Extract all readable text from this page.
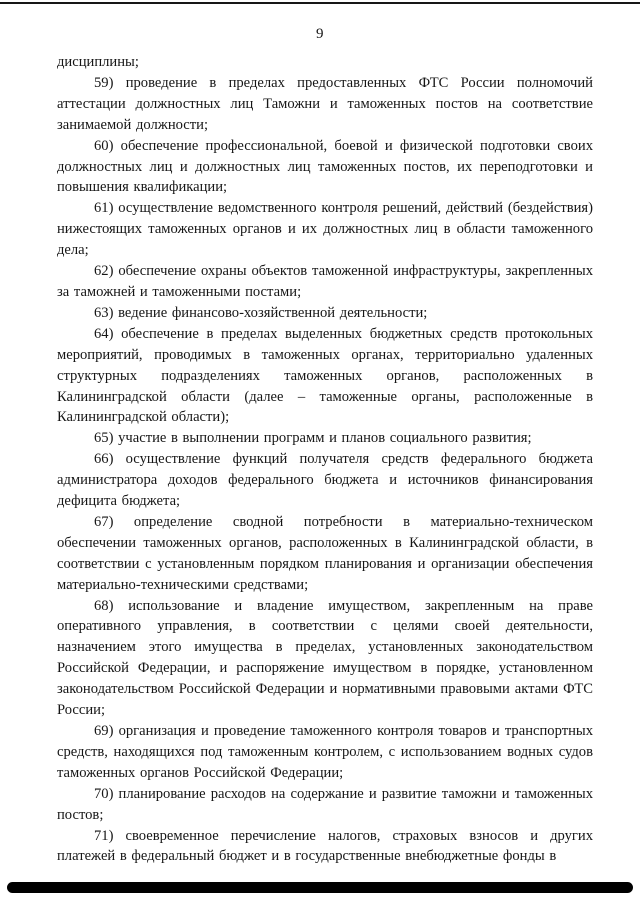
9

дисциплины;

59) проведение в пределах предоставленных ФТС России полномочий аттестации должностных лиц Таможни и таможенных постов на соответствие занимаемой должности;

60) обеспечение профессиональной, боевой и физической подготовки своих должностных лиц и должностных лиц таможенных постов, их переподготовки и повышения квалификации;

61) осуществление ведомственного контроля решений, действий (бездействия) нижестоящих таможенных органов и их должностных лиц в области таможенного дела;

62) обеспечение охраны объектов таможенной инфраструктуры, закрепленных за таможней и таможенными постами;

63) ведение финансово-хозяйственной деятельности;

64) обеспечение в пределах выделенных бюджетных средств протокольных мероприятий, проводимых в таможенных органах, территориально удаленных структурных подразделениях таможенных органов, расположенных в Калининградской области (далее – таможенные органы, расположенные в Калининградской области);

65) участие в выполнении программ и планов социального развития;

66) осуществление функций получателя средств федерального бюджета администратора доходов федерального бюджета и источников финансирования дефицита бюджета;

67) определение сводной потребности в материально-техническом обеспечении таможенных органов, расположенных в Калининградской области, в соответствии с установленным порядком планирования и организации обеспечения материально-техническими средствами;

68) использование и владение имуществом, закрепленным на праве оперативного управления, в соответствии с целями своей деятельности, назначением этого имущества в пределах, установленных законодательством Российской Федерации, и распоряжение имуществом в порядке, установленном законодательством Российской Федерации и нормативными правовыми актами ФТС России;

69) организация и проведение таможенного контроля товаров и транспортных средств, находящихся под таможенным контролем, с использованием водных судов таможенных органов Российской Федерации;

70) планирование расходов на содержание и развитие таможни и таможенных постов;

71) своевременное перечисление налогов, страховых взносов и других платежей в федеральный бюджет и в государственные внебюджетные фонды в
